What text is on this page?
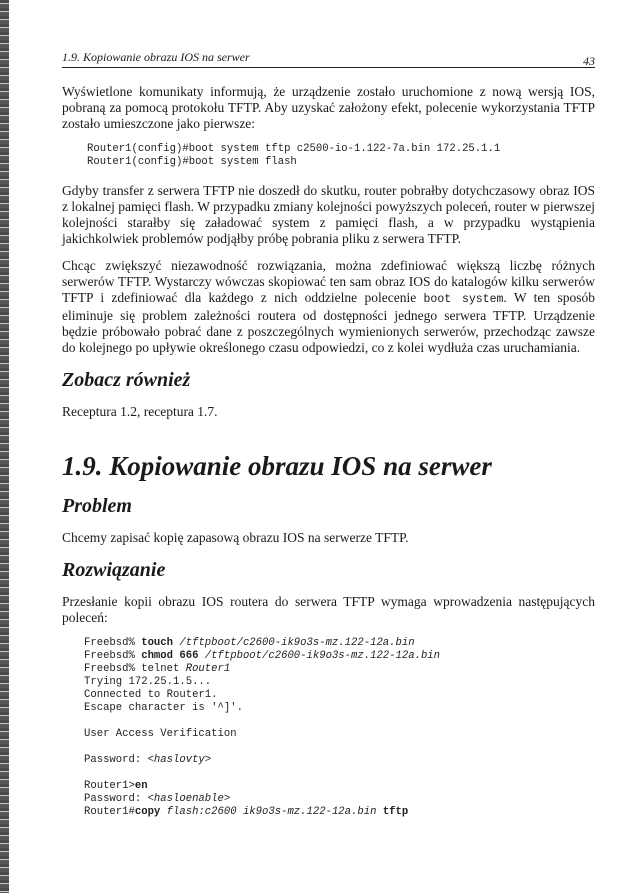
1.9. Kopiowanie obrazu IOS na serwer	43

Wyświetlone komunikaty informują, że urządzenie zostało uruchomione z nową wersją IOS, pobraną za pomocą protokołu TFTP. Aby uzyskać założony efekt, polecenie wykorzystania TFTP zostało umieszczone jako pierwsze:

Router1(config)#boot system tftp c2500-io-1.122-7a.bin 172.25.1.1
Router1(config)#boot system flash

Gdyby transfer z serwera TFTP nie doszedł do skutku, router pobrałby dotychczasowy obraz IOS z lokalnej pamięci flash. W przypadku zmiany kolejności powyższych poleceń, router w pierwszej kolejności starałby się załadować system z pamięci flash, a w przypadku wystąpienia jakichkolwiek problemów podjąłby próbę pobrania pliku z serwera TFTP.

Chcąc zwiększyć niezawodność rozwiązania, można zdefiniować większą liczbę różnych serwerów TFTP. Wystarczy wówczas skopiować ten sam obraz IOS do katalogów kilku serwerów TFTP i zdefiniować dla każdego z nich oddzielne polecenie boot system. W ten sposób eliminuje się problem zależności routera od dostępności jednego serwera TFTP. Urządzenie będzie próbowało pobrać dane z poszczególnych wymienionych serwerów, przechodząc zawsze do kolejnego po upływie określonego czasu odpowiedzi, co z kolei wydłuża czas uruchamiania.

Zobacz również

Receptura 1.2, receptura 1.7.

1.9. Kopiowanie obrazu IOS na serwer
Problem

Chcemy zapisać kopię zapasową obrazu IOS na serwerze TFTP.

Rozwiązanie

Przesłanie kopii obrazu IOS routera do serwera TFTP wymaga wprowadzenia następujących poleceń:

Freebsd% touch /tftpboot/c2600-ik9o3s-mz.122-12a.bin
Freebsd% chmod 666 /tftpboot/c2600-ik9o3s-mz.122-12a.bin
Freebsd% telnet Router1
Trying 172.25.1.5...
Connected to Router1.
Escape character is '^]'.
User Access Verification
Password: <haslovty>
Router1>en
Password: <hasloenable>
Router1#copy flash:c2600 ik9o3s-mz.122-12a.bin tftp
